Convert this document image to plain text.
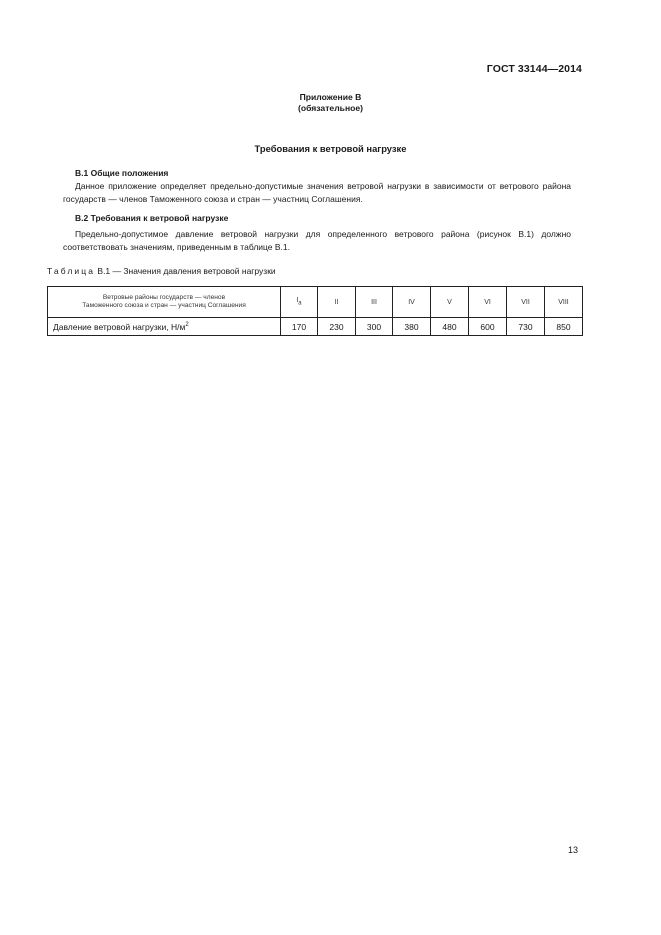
ГОСТ 33144—2014
Приложение В
(обязательное)
Требования к ветровой нагрузке
В.1 Общие положения
Данное приложение определяет предельно-допустимые значения ветровой нагрузки в зависимости от ветрового района государств — членов Таможенного союза и стран — участниц Соглашения.
В.2 Требования к ветровой нагрузке
Предельно-допустимое давление ветровой нагрузки для определенного ветрового района (рисунок В.1) должно соответствовать значениям, приведенным в таблице В.1.
Таблица В.1 — Значения давления ветровой нагрузки
Ветровые районы государств — членов
Таможенного союза и стран — участниц Соглашения	$I_а$	II	III	IV	V	VI	VII	VIII
Давление ветровой нагрузки, $Н/м^2$	170	230	300	380	480	600	730	850
13
